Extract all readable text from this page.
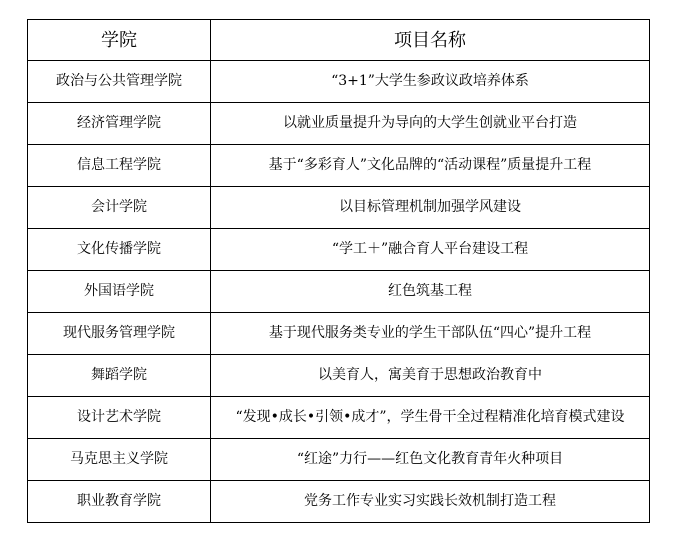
学院	项目名称
政治与公共管理学院	“3+1”大学生参政议政培养体系
经济管理学院	以就业质量提升为导向的大学生创就业平台打造
信息工程学院	基于“多彩育人”文化品牌的“活动课程”质量提升工程
会计学院	以目标管理机制加强学风建设
文化传播学院	“学工＋”融合育人平台建设工程
外国语学院	红色筑基工程
现代服务管理学院	基于现代服务类专业的学生干部队伍“四心”提升工程
舞蹈学院	以美育人，寓美育于思想政治教育中
设计艺术学院	“发现•成长•引领•成才”，学生骨干全过程精准化培育模式建设
马克思主义学院	“红途”力行——红色文化教育青年火种项目
职业教育学院	党务工作专业实习实践长效机制打造工程
